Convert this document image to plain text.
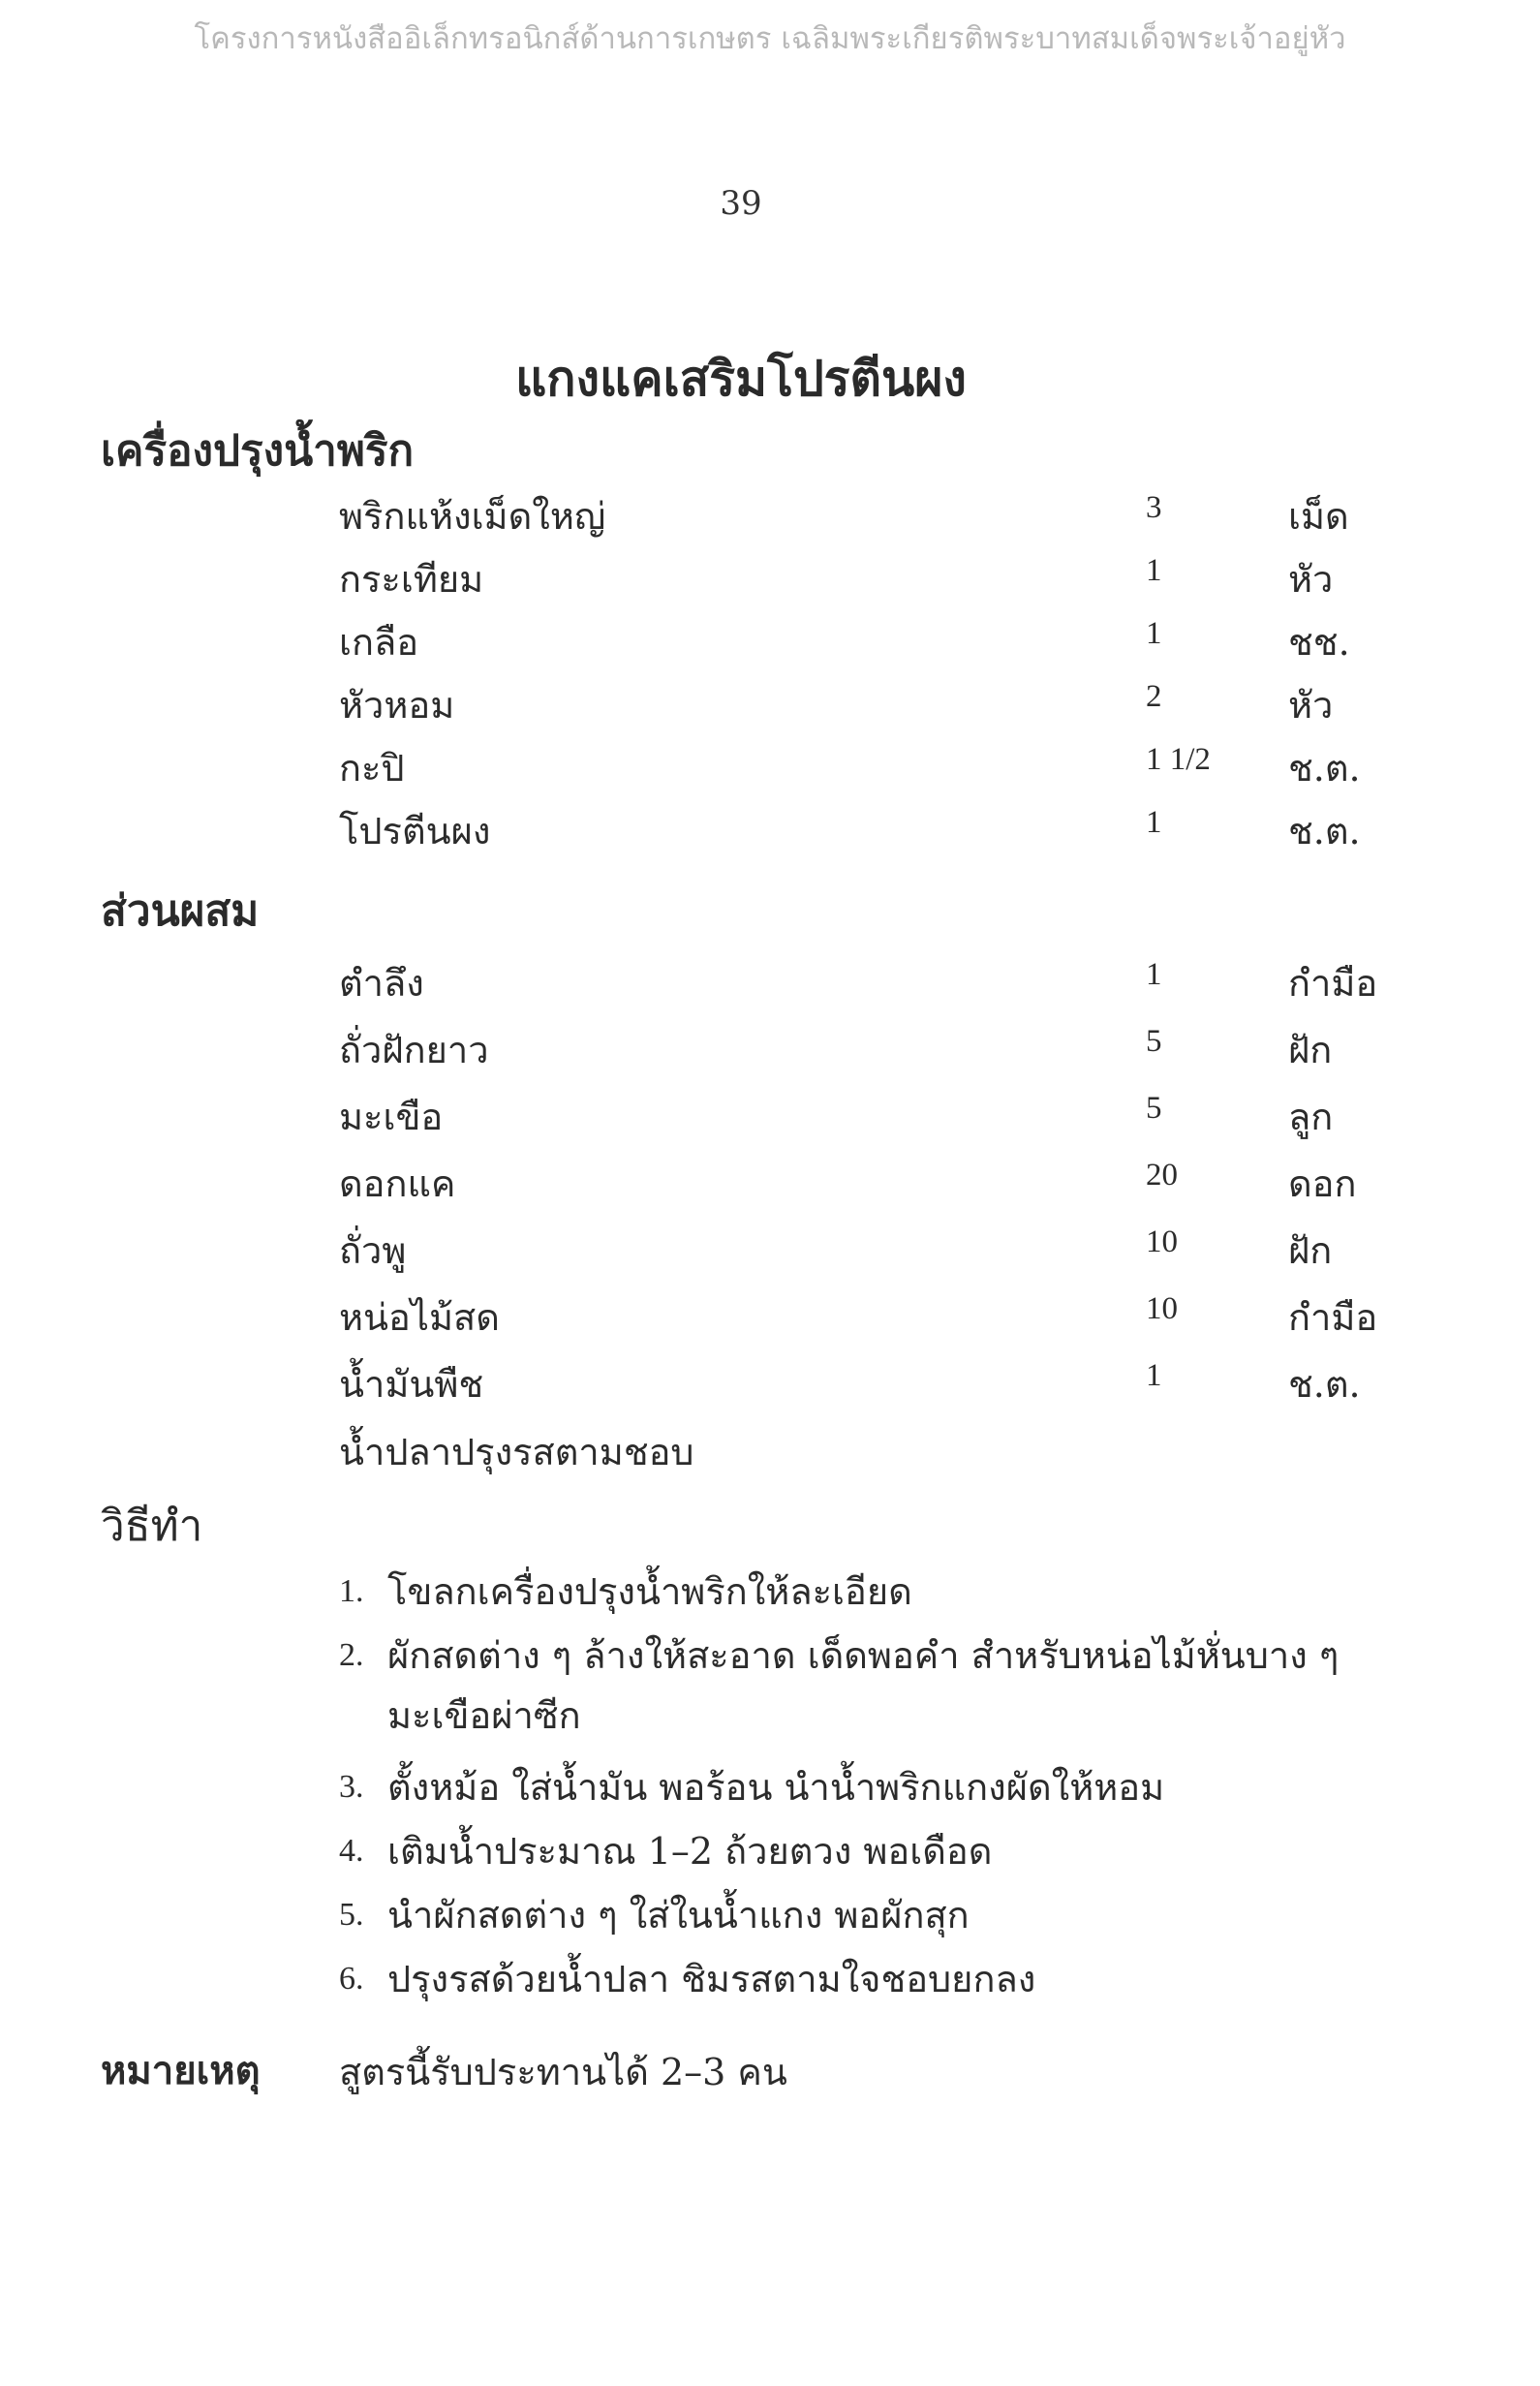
โครงการหนังสืออิเล็กทรอนิกส์ด้านการเกษตร เฉลิมพระเกียรติพระบาทสมเด็จพระเจ้าอยู่หัว
39
แกงแคเสริมโปรตีนผง
เครื่องปรุงน้ำพริก
พริกแห้งเม็ดใหญ่	3	เม็ด
กระเทียม	1	หัว
เกลือ	1	ชช.
หัวหอม	2	หัว
กะปิ	1 1/2 ช.ต.
โปรตีนผง	1	ช.ต.
ส่วนผสม
ตำลึง	1	กำมือ
ถั่วฝักยาว	5	ฝัก
มะเขือ	5	ลูก
ดอกแค	20	ดอก
ถั่วพู	10	ฝัก
หน่อไม้สด	10	กำมือ
น้ำมันพืช	1	ช.ต.
น้ำปลาปรุงรสตามชอบ
วิธีทำ
1. โขลกเครื่องปรุงน้ำพริกให้ละเอียด
2. ผักสดต่าง ๆ ล้างให้สะอาด เด็ดพอคำ สำหรับหน่อไม้หั่นบาง ๆ มะเขือผ่าซีก
3. ตั้งหม้อ ใส่น้ำมัน พอร้อน นำน้ำพริกแกงผัดให้หอม
4. เติมน้ำประมาณ 1–2 ถ้วยตวง พอเดือด
5. นำผักสดต่าง ๆ ใส่ในน้ำแกง พอผักสุก
6. ปรุงรสด้วยน้ำปลา ชิมรสตามใจชอบยกลง
หมายเหตุ สูตรนี้รับประทานได้ 2–3 คน
